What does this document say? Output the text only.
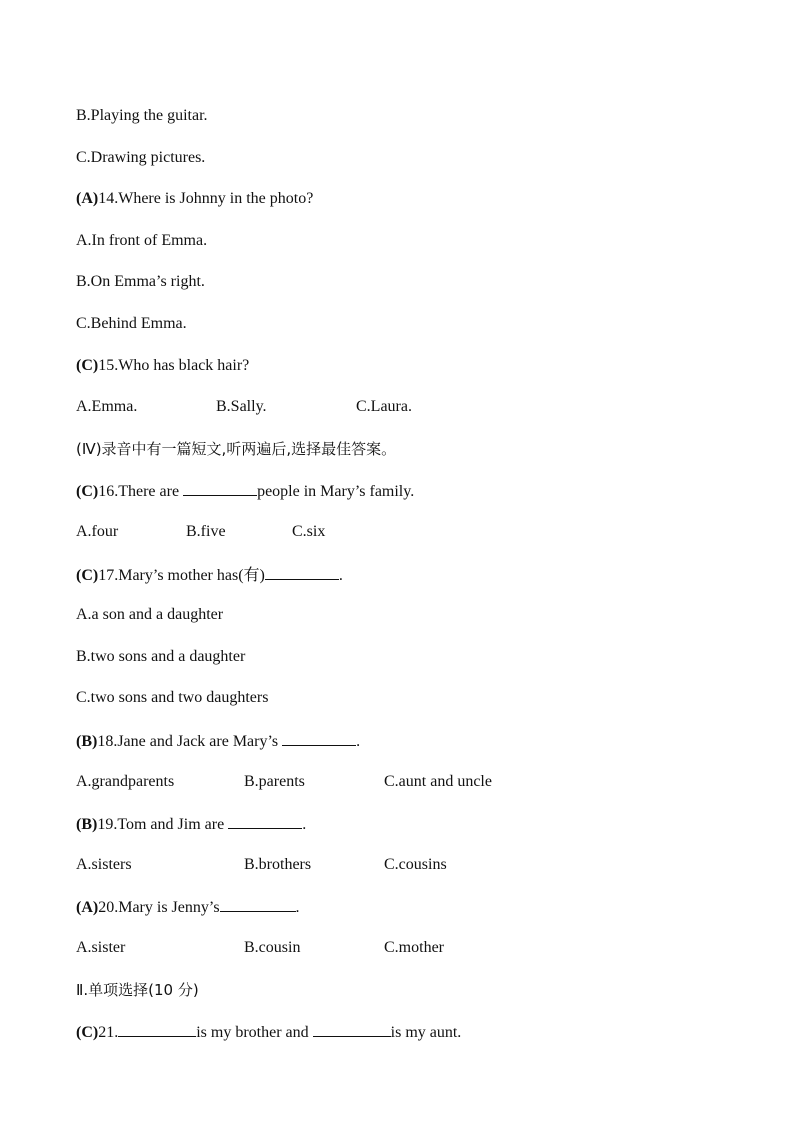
B.Playing the guitar.

C.Drawing pictures.

(A)14.Where is Johnny in the photo?

A.In front of Emma.

B.On Emma’s right.

C.Behind Emma.

(C)15.Who has black hair?

A.Emma.	B.Sally.	C.Laura.

(Ⅳ)录音中有一篇短文,听两遍后,选择最佳答案。

(C)16.There are	people in Mary’s family.

A.four	B.five	C.six

(C)17.Mary’s mother has(有)	.

A.a son and a daughter

B.two sons and a daughter

C.two sons and two daughters

(B)18.Jane and Jack are Mary’s	.

A.grandparents	B.parents	C.aunt and uncle

(B)19.Tom and Jim are	.

A.sisters	B.brothers	C.cousins

(A)20.Mary is Jenny’s	.

A.sister	B.cousin	C.mother

Ⅱ.单项选择(10 分)

(C)21.	is my brother and	is my aunt.
